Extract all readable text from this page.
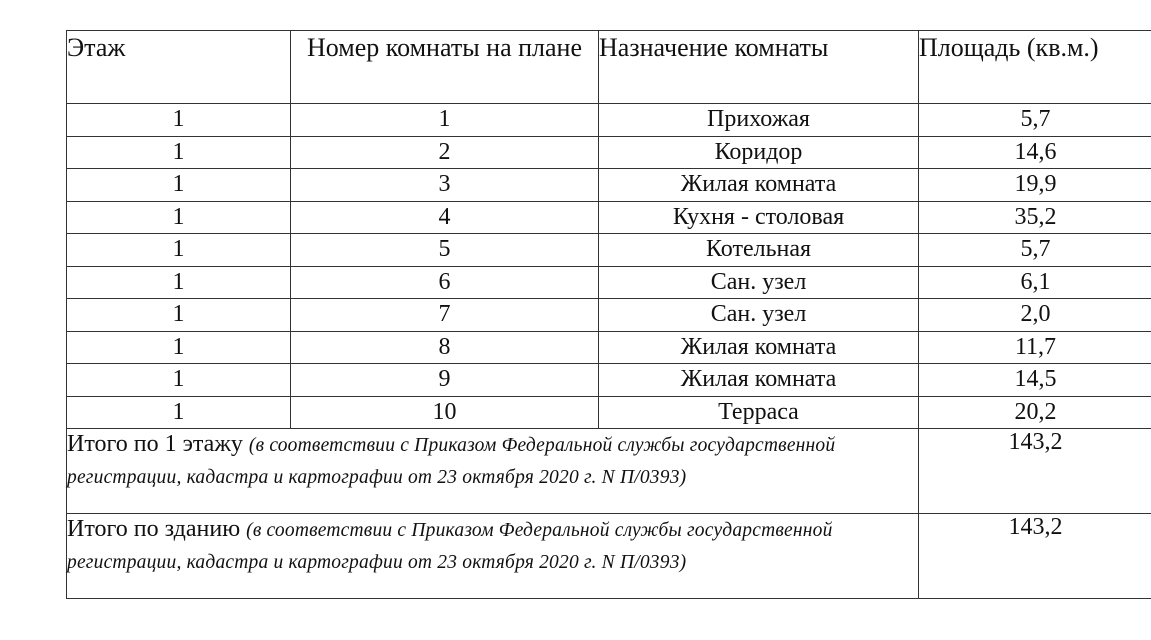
Этаж	Номер комнаты на плане	Назначение комнаты	Площадь (кв.м.)
1	1	Прихожая	5,7
1	2	Коридор	14,6
1	3	Жилая комната	19,9
1	4	Кухня - столовая	35,2
1	5	Котельная	5,7
1	6	Сан. узел	6,1
1	7	Сан. узел	2,0
1	8	Жилая комната	11,7
1	9	Жилая комната	14,5
1	10	Терраса	20,2
Итого по 1 этажу (в соответствии с Приказом Федеральной службы государственной регистрации, кадастра и картографии от 23 октября 2020 г. N П/0393)			143,2
Итого по зданию (в соответствии с Приказом Федеральной службы государственной регистрации, кадастра и картографии от 23 октября 2020 г. N П/0393)			143,2
